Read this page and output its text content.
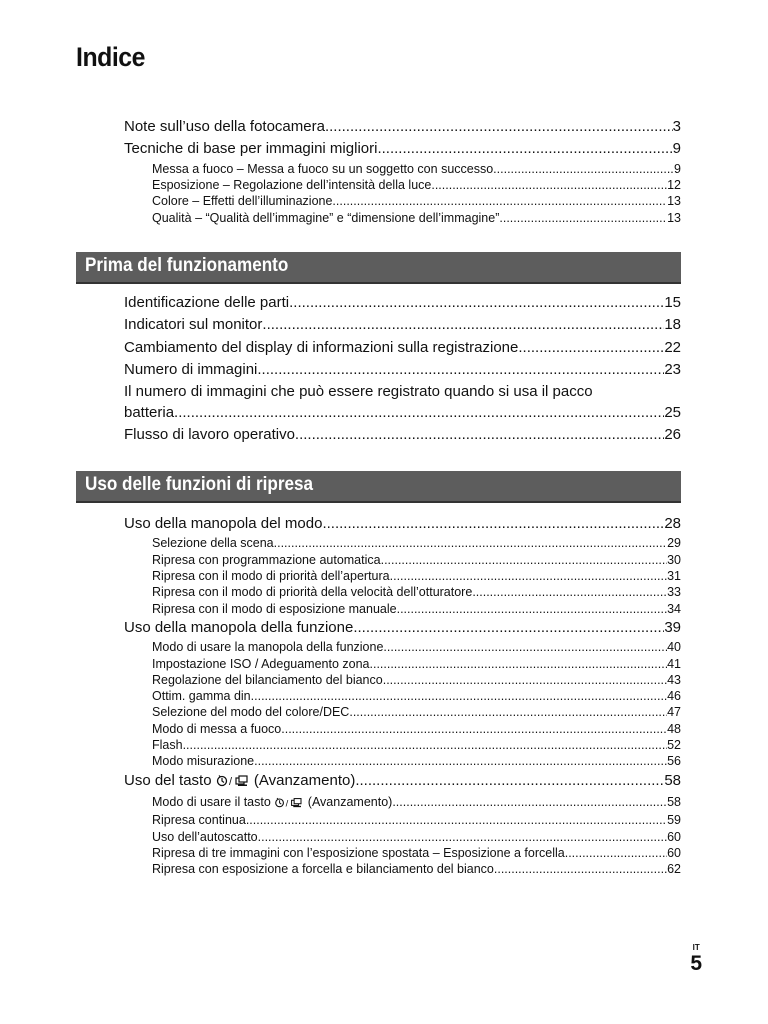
Indice
Note sull’uso della fotocamera .....	3
Tecniche di base per immagini migliori .....	9
Messa a fuoco – Messa a fuoco su un soggetto con successo .....	9
Esposizione – Regolazione dell’intensità della luce .....	12
Colore – Effetti dell’illuminazione .....	13
Qualità – “Qualità dell’immagine” e “dimensione dell’immagine” .....	13
Prima del funzionamento
Identificazione delle parti .....	15
Indicatori sul monitor .....	18
Cambiamento del display di informazioni sulla registrazione .....	22
Numero di immagini .....	23
Il numero di immagini che può essere registrato quando si usa il pacco
batteria .....	25
Flusso di lavoro operativo .....	26
Uso delle funzioni di ripresa
Uso della manopola del modo .....	28
Selezione della scena .....	29
Ripresa con programmazione automatica .....	30
Ripresa con il modo di priorità dell’apertura .....	31
Ripresa con il modo di priorità della velocità dell’otturatore .....	33
Ripresa con il modo di esposizione manuale .....	34
Uso della manopola della funzione .....	39
Modo di usare la manopola della funzione .....	40
Impostazione ISO / Adeguamento zona .....	41
Regolazione del bilanciamento del bianco .....	43
Ottim. gamma din. .....	46
Selezione del modo del colore/DEC .....	47
Modo di messa a fuoco .....	48
Flash .....	52
Modo misurazione .....	56
Uso del tasto / (Avanzamento) .....	58
Modo di usare il tasto / (Avanzamento) .....	58
Ripresa continua .....	59
Uso dell’autoscatto .....	60
Ripresa di tre immagini con l’esposizione spostata – Esposizione a forcella .....	60
Ripresa con esposizione a forcella e bilanciamento del bianco .....	62
IT
5
